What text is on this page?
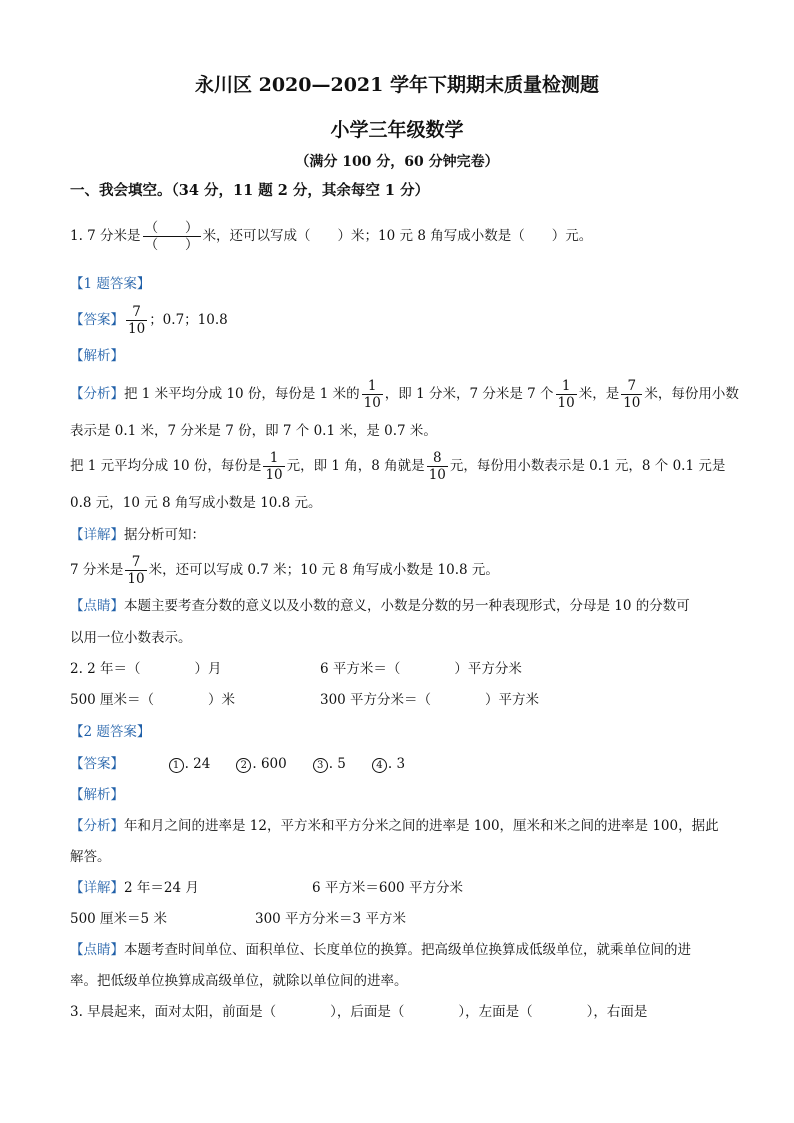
永川区 2020—2021 学年下期期末质量检测题
小学三年级数学
（满分 100 分，60 分钟完卷）
一、我会填空。（34 分，11 题 2 分，其余每空 1 分）
1. 7 分米是 $\frac{( )}{( )}$ 米，还可以写成（　　）米；10 元 8 角写成小数是（　　）元。
【1 题答案】
【答案】 $\frac{7}{10}$ ；0.7；10.8
【解析】
【分析】把 1 米平均分成 10 份，每份是 1 米的 $\frac{1}{10}$ ，即 1 分米，7 分米是 7 个 $\frac{1}{10}$ 米，是 $\frac{7}{10}$ 米，每份用小数
表示是 0.1 米，7 分米是 7 份，即 7 个 0.1 米，是 0.7 米。
把 1 元平均分成 10 份，每份是 $\frac{1}{10}$ 元，即 1 角，8 角就是 $\frac{8}{10}$ 元，每份用小数表示是 0.1 元，8 个 0.1 元是
0.8 元，10 元 8 角写成小数是 10.8 元。
【详解】据分析可知：
7 分米是 $\frac{7}{10}$ 米，还可以写成 0.7 米；10 元 8 角写成小数是 10.8 元。
【点睛】本题主要考查分数的意义以及小数的意义，小数是分数的另一种表现形式，分母是 10 的分数可
以用一位小数表示。
2. 2 年＝（　　　　）月	6 平方米＝（　　　　）平方分米
500 厘米＝（　　　　）米	300 平方分米＝（　　　　）平方米
【2 题答案】
【答案】	1 . 24	2 . 600	3 . 5	4 . 3
【解析】
【分析】年和月之间的进率是 12，平方米和平方分米之间的进率是 100，厘米和米之间的进率是 100，据此
解答。
【详解】2 年＝24 月	6 平方米＝600 平方分米
500 厘米＝5 米	300 平方分米＝3 平方米
【点睛】本题考查时间单位、面积单位、长度单位的换算。把高级单位换算成低级单位，就乘单位间的进
率。把低级单位换算成高级单位，就除以单位间的进率。
3. 早晨起来，面对太阳，前面是（　　　　），后面是（　　　　），左面是（　　　　），右面是
